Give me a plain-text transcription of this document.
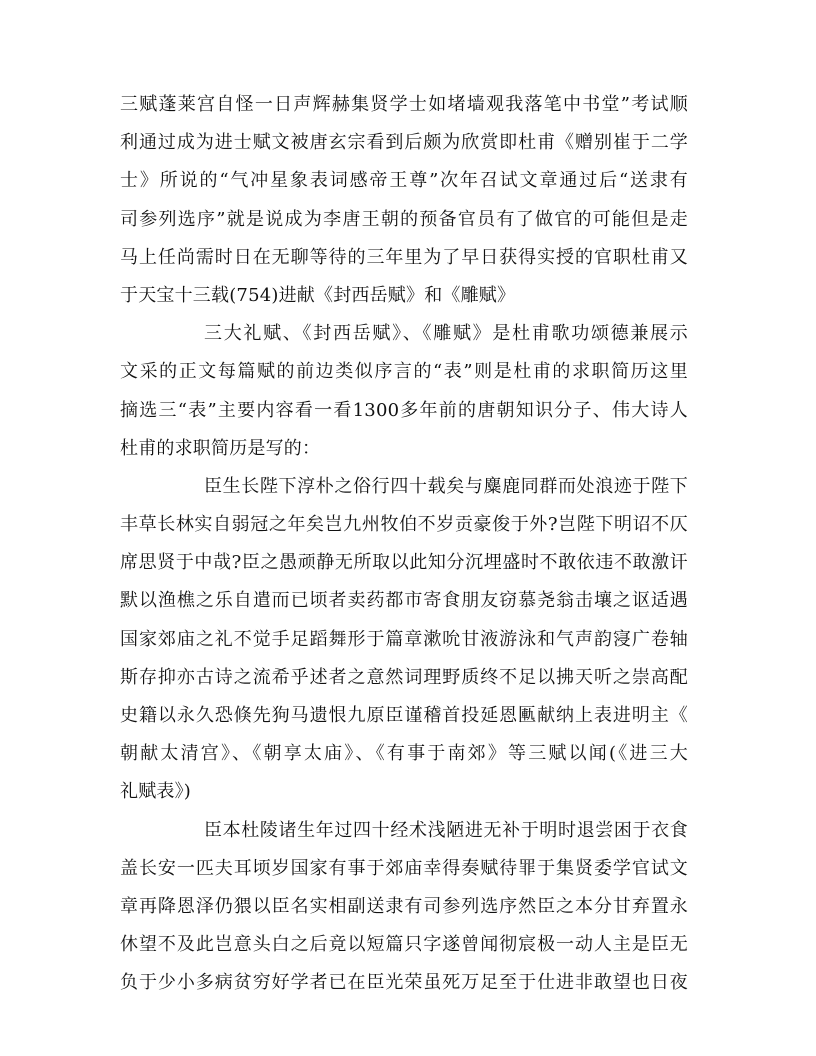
三赋蓬莱宫自怪一日声辉赫集贤学士如堵墙观我落笔中书堂”考试顺
利通过成为进士赋文被唐玄宗看到后颇为欣赏即杜甫《赠别崔于二学
士》所说的“气冲星象表词感帝王尊”次年召试文章通过后“送隶有
司参列选序”就是说成为李唐王朝的预备官员有了做官的可能但是走
马上任尚需时日在无聊等待的三年里为了早日获得实授的官职杜甫又
于天宝十三载(754)进献《封西岳赋》和《雕赋》
三大礼赋、《封西岳赋》、《雕赋》是杜甫歌功颂德兼展示
文采的正文每篇赋的前边类似序言的“表”则是杜甫的求职简历这里
摘选三“表”主要内容看一看1300多年前的唐朝知识分子、伟大诗人
杜甫的求职简历是写的：
臣生长陛下淳朴之俗行四十载矣与麋鹿同群而处浪迹于陛下
丰草长林实自弱冠之年矣岂九州牧伯不岁贡豪俊于外?岂陛下明诏不仄
席思贤于中哉?臣之愚顽静无所取以此知分沉埋盛时不敢依违不敢激讦
默以渔樵之乐自遣而已顷者卖药都市寄食朋友窃慕尧翁击壤之讴适遇
国家郊庙之礼不觉手足蹈舞形于篇章漱吮甘液游泳和气声韵寖广卷轴
斯存抑亦古诗之流希乎述者之意然词理野质终不足以拂天听之崇高配
史籍以永久恐倏先狗马遗恨九原臣谨稽首投延恩匭献纳上表进明主《
朝献太清宫》、《朝享太庙》、《有事于南郊》等三赋以闻(《进三大
礼赋表》)
臣本杜陵诸生年过四十经术浅陋进无补于明时退尝困于衣食
盖长安一匹夫耳顷岁国家有事于郊庙幸得奏赋待罪于集贤委学官试文
章再降恩泽仍猥以臣名实相副送隶有司参列选序然臣之本分甘弃置永
休望不及此岂意头白之后竟以短篇只字遂曾闻彻宸极一动人主是臣无
负于少小多病贫穷好学者已在臣光荣虽死万足至于仕进非敢望也日夜
